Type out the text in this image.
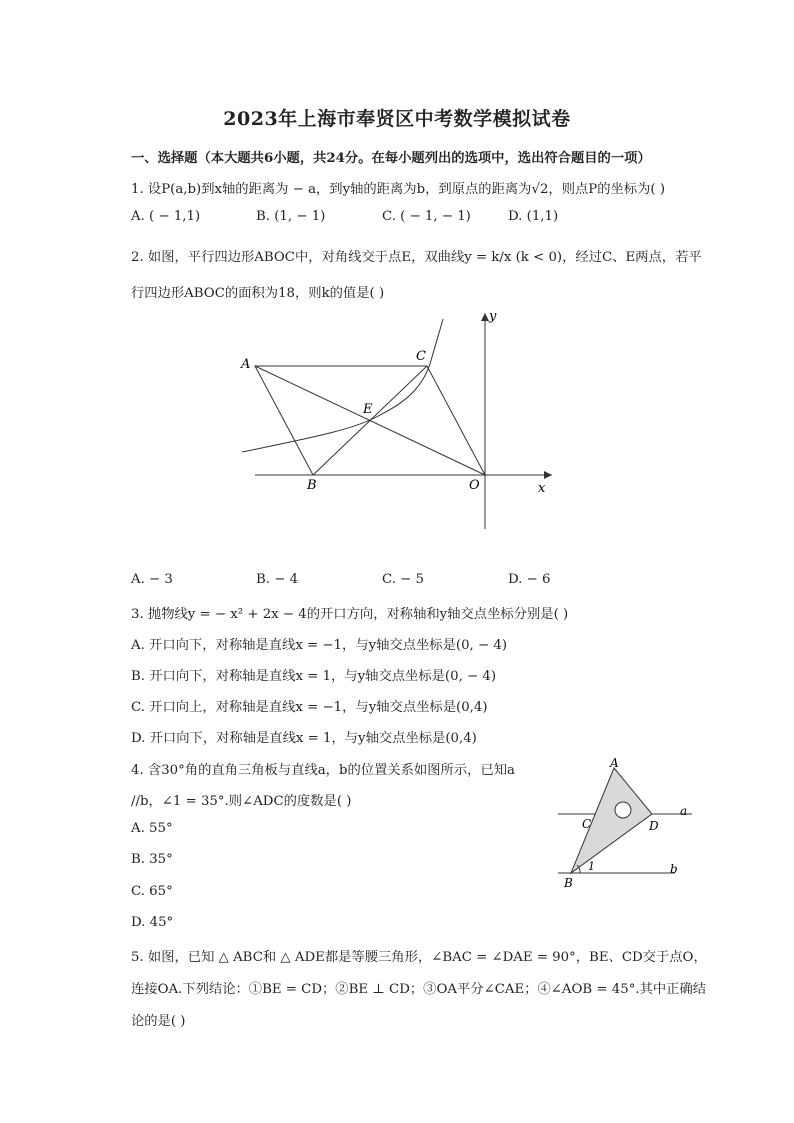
2023年上海市奉贤区中考数学模拟试卷
一、选择题（本大题共6小题，共24分。在每小题列出的选项中，选出符合题目的一项）
1. 设P(a,b)到x轴的距离为 − a，到y轴的距离为b，到原点的距离为√2，则点P的坐标为( )
A. ( − 1,1)	B. (1, − 1)	C. ( − 1, − 1)	D. (1,1)
2. 如图，平行四边形ABOC中，对角线交于点E，双曲线y = k/x (k < 0)，经过C、E两点，若平
行四边形ABOC的面积为18，则k的值是( )
A
C
E
B	O	x
y
A. − 3	B. − 4	C. − 5	D. − 6
3. 抛物线y = − x² + 2x − 4的开口方向，对称轴和y轴交点坐标分别是( )
A. 开口向下，对称轴是直线x = −1，与y轴交点坐标是(0, − 4)
B. 开口向下，对称轴是直线x = 1，与y轴交点坐标是(0, − 4)
C. 开口向上，对称轴是直线x = −1，与y轴交点坐标是(0,4)
D. 开口向下，对称轴是直线x = 1，与y轴交点坐标是(0,4)
4. 含30°角的直角三角板与直线a，b的位置关系如图所示，已知a
//b，∠1 = 35°.则∠ADC的度数是( )
A. 55°
B. 35°
C. 65°
D. 45°
A
C	D
B
1
a
b
5. 如图，已知 △ ABC和 △ ADE都是等腰三角形，∠BAC = ∠DAE = 90°，BE、CD交于点O，
连接OA.下列结论：①BE = CD；②BE ⊥ CD；③OA平分∠CAE；④∠AOB = 45°.其中正确结
论的是( )
